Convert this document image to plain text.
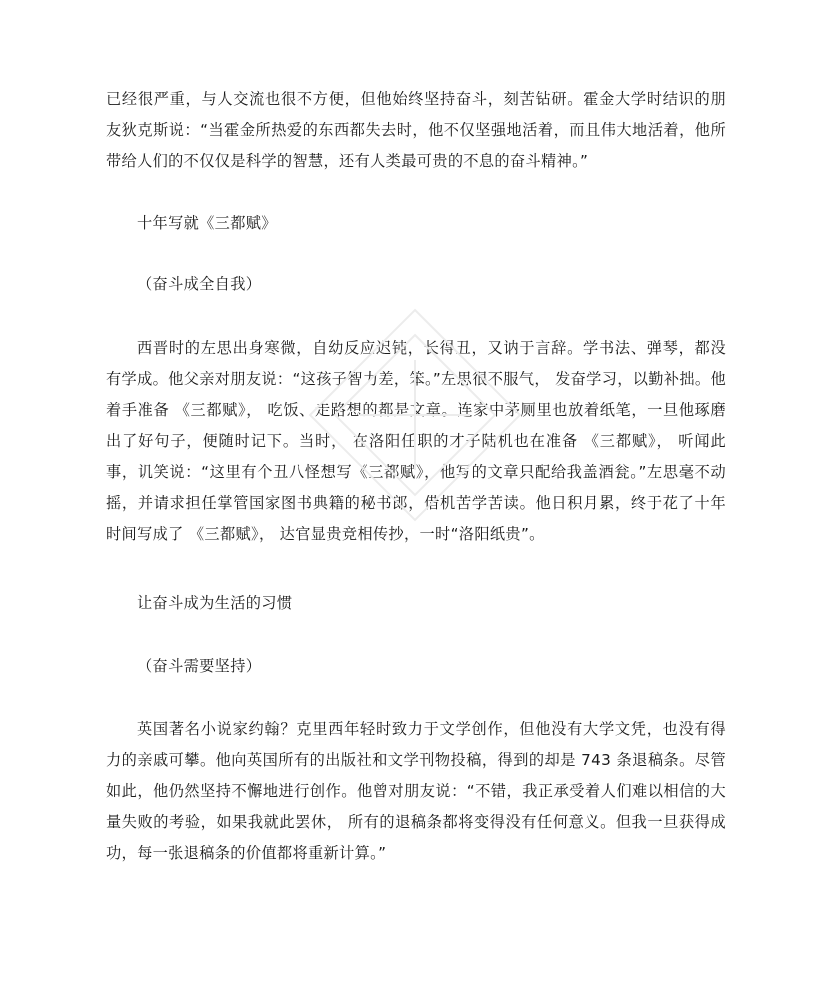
已经很严重，与人交流也很不方便，但他始终坚持奋斗，刻苦钻研。霍金大学时结识的朋友狄克斯说：“当霍金所热爱的东西都失去时，他不仅坚强地活着，而且伟大地活着，他所带给人们的不仅仅是科学的智慧，还有人类最可贵的不息的奋斗精神。”

十年写就《三都赋》

（奋斗成全自我）

西晋时的左思出身寒微，自幼反应迟钝，长得丑，又讷于言辞。学书法、弹琴，都没有学成。他父亲对朋友说：“这孩子智力差，笨。”左思很不服气， 发奋学习，以勤补拙。他着手准备 《三都赋》， 吃饭、走路想的都是文章。连家中茅厕里也放着纸笔，一旦他琢磨出了好句子，便随时记下。当时， 在洛阳任职的才子陆机也在准备 《三都赋》， 听闻此事，讥笑说：“这里有个丑八怪想写《三都赋》，他写的文章只配给我盖酒瓮。”左思毫不动摇，并请求担任掌管国家图书典籍的秘书郎，借机苦学苦读。他日积月累，终于花了十年时间写成了 《三都赋》， 达官显贵竞相传抄，一时“洛阳纸贵”。

让奋斗成为生活的习惯

（奋斗需要坚持）

英国著名小说家约翰？克里西年轻时致力于文学创作，但他没有大学文凭，也没有得力的亲戚可攀。他向英国所有的出版社和文学刊物投稿，得到的却是 743 条退稿条。尽管如此，他仍然坚持不懈地进行创作。他曾对朋友说：“不错，我正承受着人们难以相信的大量失败的考验，如果我就此罢休， 所有的退稿条都将变得没有任何意义。但我一旦获得成功，每一张退稿条的价值都将重新计算。”
